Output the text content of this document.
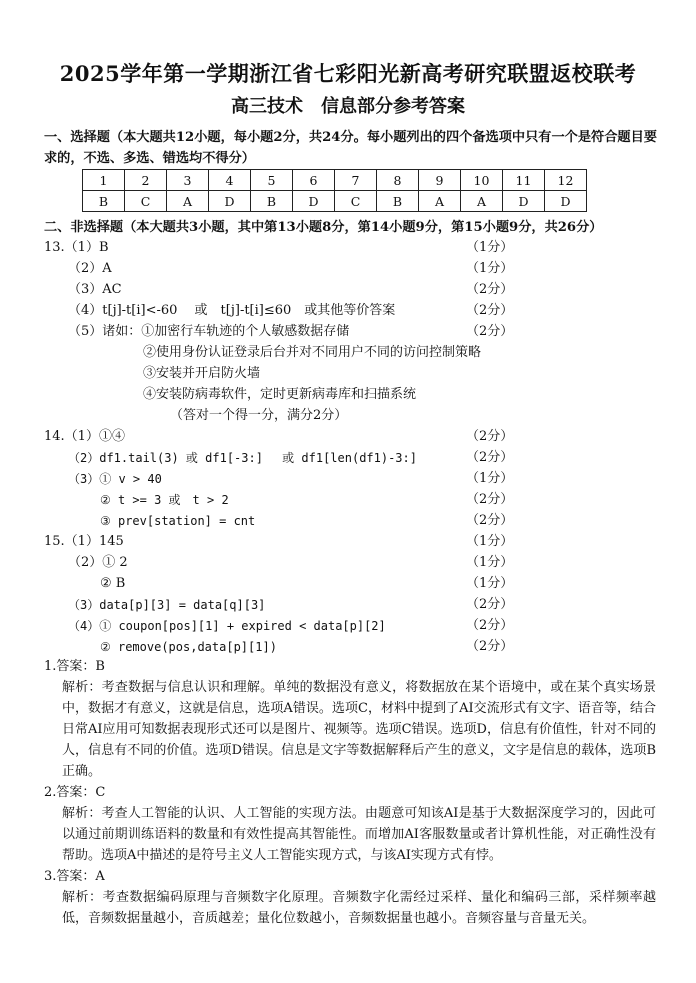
2025学年第一学期浙江省七彩阳光新高考研究联盟返校联考
高三技术　信息部分参考答案
一、选择题（本大题共12小题，每小题2分，共24分。每小题列出的四个备选项中只有一个是符合题目要求的，不选、多选、错选均不得分）
1	2	3	4	5	6	7	8	9	10	11	12
B	C	A	D	B	D	C	B	A	A	D	D
二、非选择题（本大题共3小题，其中第13小题8分，第14小题9分，第15小题9分，共26分）
13.（1）B	（1分）
（2）A	（1分）
（3）AC	（2分）
（4）t[j]-t[i]<-60　 或　t[j]-t[i]≤60　或其他等价答案	（2分）
（5）诸如：①加密行车轨迹的个人敏感数据存储	（2分）
②使用身份认证登录后台并对不同用户不同的访问控制策略
③安装并开启防火墙
④安装防病毒软件，定时更新病毒库和扫描系统
（答对一个得一分，满分2分）
14.（1）①④	（2分）
（2）df1.tail(3) 或 df1[-3:]　 或 df1[len(df1)-3:]	（2分）
（3）① v > 40	（1分）
② t >= 3 或　t > 2	（2分）
③ prev[station] = cnt	（2分）
15.（1）145	（1分）
（2）① 2	（1分）
② B	（1分）
（3）data[p][3] = data[q][3]	（2分）
（4）① coupon[pos][1] + expired < data[p][2]	（2分）
② remove(pos,data[p][1])	（2分）
1.答案：B
解析：考查数据与信息认识和理解。单纯的数据没有意义，将数据放在某个语境中，或在某个真实场景中，数据才有意义，这就是信息，选项A错误。选项C，材料中提到了AI交流形式有文字、语音等，结合日常AI应用可知数据表现形式还可以是图片、视频等。选项C错误。选项D，信息有价值性，针对不同的人，信息有不同的价值。选项D错误。信息是文字等数据解释后产生的意义，文字是信息的载体，选项B正确。
2.答案：C
解析：考查人工智能的认识、人工智能的实现方法。由题意可知该AI是基于大数据深度学习的，因此可以通过前期训练语料的数量和有效性提高其智能性。而增加AI客服数量或者计算机性能，对正确性没有帮助。选项A中描述的是符号主义人工智能实现方式，与该AI实现方式有悖。
3.答案：A
解析：考查数据编码原理与音频数字化原理。音频数字化需经过采样、量化和编码三部，采样频率越低，音频数据量越小，音质越差；量化位数越小，音频数据量也越小。音频容量与音量无关。
